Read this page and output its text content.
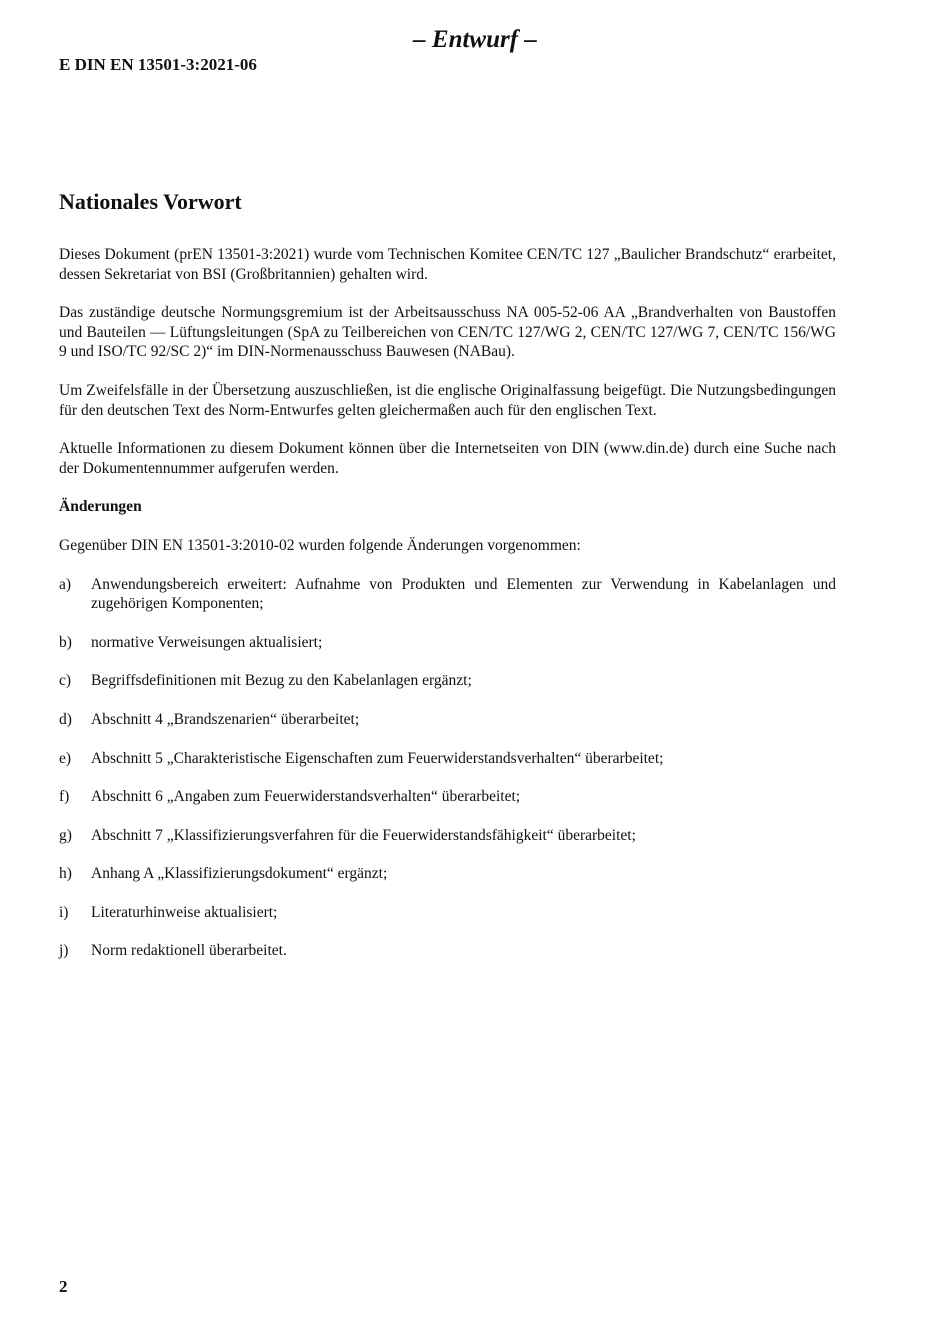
– Entwurf –
E DIN EN 13501-3:2021-06
Nationales Vorwort

Dieses Dokument (prEN 13501-3:2021) wurde vom Technischen Komitee CEN/TC 127 „Baulicher Brandschutz“ erarbeitet, dessen Sekretariat von BSI (Großbritannien) gehalten wird.

Das zuständige deutsche Normungsgremium ist der Arbeitsausschuss NA 005-52-06 AA „Brandverhalten von Baustoffen und Bauteilen — Lüftungsleitungen (SpA zu Teilbereichen von CEN/TC 127/WG 2, CEN/TC 127/WG 7, CEN/TC 156/WG 9 und ISO/TC 92/SC 2)“ im DIN-Normenausschuss Bauwesen (NABau).

Um Zweifelsfälle in der Übersetzung auszuschließen, ist die englische Originalfassung beigefügt. Die Nutzungsbedingungen für den deutschen Text des Norm-Entwurfes gelten gleichermaßen auch für den englischen Text.

Aktuelle Informationen zu diesem Dokument können über die Internetseiten von DIN (www.din.de) durch eine Suche nach der Dokumentennummer aufgerufen werden.

Änderungen

Gegenüber DIN EN 13501-3:2010-02 wurden folgende Änderungen vorgenommen:

a) Anwendungsbereich erweitert: Aufnahme von Produkten und Elementen zur Verwendung in Kabelanlagen und zugehörigen Komponenten;
b) normative Verweisungen aktualisiert;
c) Begriffsdefinitionen mit Bezug zu den Kabelanlagen ergänzt;
d) Abschnitt 4 „Brandszenarien“ überarbeitet;
e) Abschnitt 5 „Charakteristische Eigenschaften zum Feuerwiderstandsverhalten“ überarbeitet;
f) Abschnitt 6 „Angaben zum Feuerwiderstandsverhalten“ überarbeitet;
g) Abschnitt 7 „Klassifizierungsverfahren für die Feuerwiderstandsfähigkeit“ überarbeitet;
h) Anhang A „Klassifizierungsdokument“ ergänzt;
i) Literaturhinweise aktualisiert;
j) Norm redaktionell überarbeitet.
2
